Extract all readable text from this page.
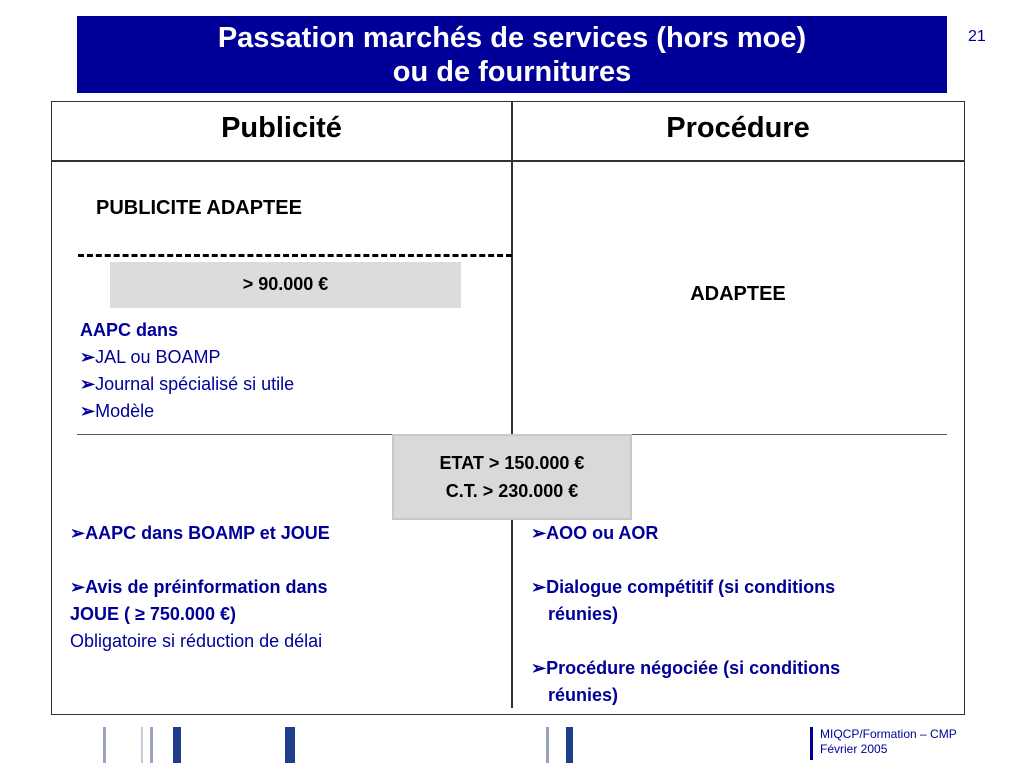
Passation marchés de services (hors moe)
ou de fournitures
21
Publicité	Procédure
PUBLICITE ADAPTEE
> 90.000 €	ADAPTEE
AAPC dans
➢JAL ou BOAMP
➢Journal spécialisé si utile
➢Modèle
ETAT > 150.000 €
C.T. > 230.000 €
➢AAPC dans BOAMP et JOUE
➢Avis de préinformation dans
JOUE ( ≥ 750.000 €)
Obligatoire si réduction de délai
➢AOO ou AOR
➢Dialogue compétitif (si conditions
réunies)
➢Procédure négociée (si conditions
réunies)
MIQCP/Formation – CMP
Février 2005
